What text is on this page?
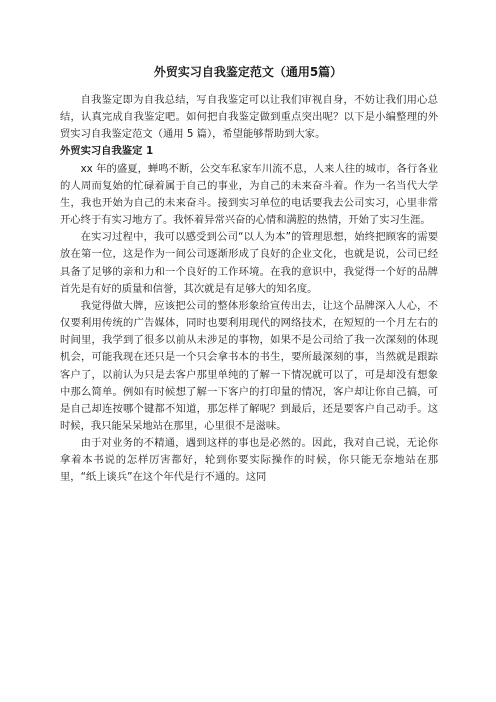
外贸实习自我鉴定范文（通用5篇）

自我鉴定即为自我总结，写自我鉴定可以让我们审视自身，不妨让我们用心总结，认真完成自我鉴定吧。如何把自我鉴定做到重点突出呢？以下是小编整理的外贸实习自我鉴定范文（通用 5 篇），希望能够帮助到大家。

外贸实习自我鉴定 1

xx 年的盛夏，蝉鸣不断，公交车私家车川流不息，人来人往的城市，各行各业的人周而复始的忙碌着属于自己的事业，为自己的未来奋斗着。作为一名当代大学生，我也开始为自己的未来奋斗。接到实习单位的电话要我去公司实习，心里非常开心终于有实习地方了。我怀着异常兴奋的心情和满腔的热情，开始了实习生涯。

在实习过程中，我可以感受到公司“以人为本”的管理思想，始终把顾客的需要放在第一位，这是作为一间公司逐渐形成了良好的企业文化，也就是说，公司已经具备了足够的亲和力和一个良好的工作环境。在我的意识中，我觉得一个好的品牌首先是有好的质量和信誉，其次就是有足够大的知名度。

我觉得做大牌，应该把公司的整体形象给宣传出去，让这个品牌深入人心，不仅要利用传统的广告媒体，同时也要利用现代的网络技术，在短短的一个月左右的时间里，我学到了很多以前从未涉足的事物，如果不是公司给了我一次深刻的体现机会，可能我现在还只是一个只会拿书本的书生，要所最深刻的事，当然就是跟踪客户了，以前认为只是去客户那里单纯的了解一下情况就可以了，可是却没有想象中那么简单。例如有时候想了解一下客户的打印量的情况，客户却让你自己搞，可是自己却连按哪个键都不知道，那怎样了解呢？到最后，还是要客户自己动手。这时候，我只能呆呆地站在那里，心里很不是滋味。

由于对业务的不精通，遇到这样的事也是必然的。因此，我对自己说，无论你拿着本书说的怎样厉害都好，轮到你要实际操作的时候，你只能无奈地站在那里，“纸上谈兵”在这个年代是行不通的。这同
